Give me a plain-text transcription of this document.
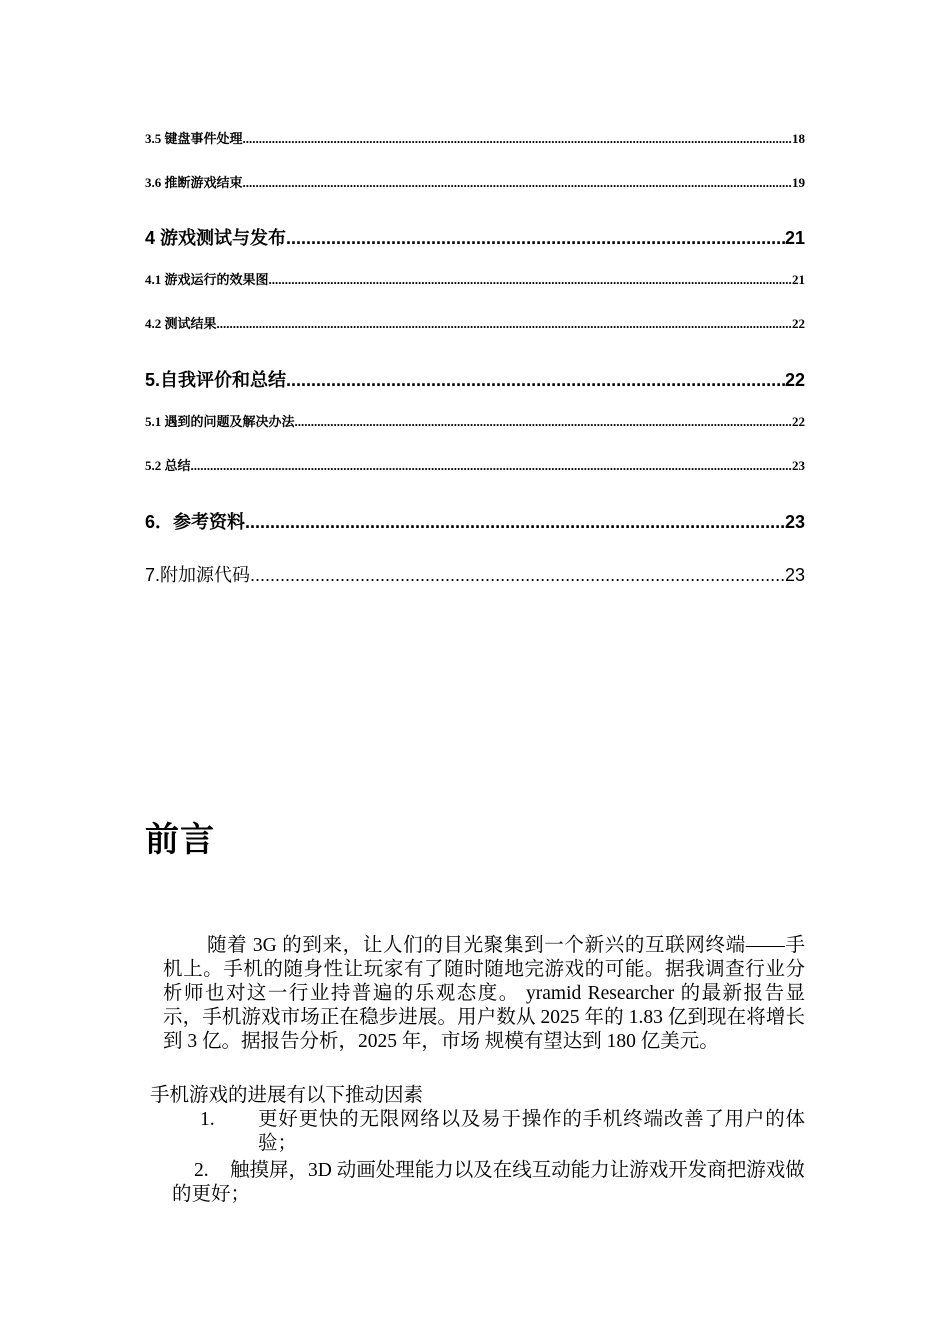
3.5 键盘事件处理 .....	18
3.6 推断游戏结束 .....	19
4 游戏测试与发布 .....	21
4.1 游戏运行的效果图 .....	21
4.2 测试结果 .....	22
5.自我评价和总结 .....	22
5.1 遇到的问题及解决办法 .....	22
5.2 总结 .....	23
6．参考资料 .....	23
7.附加源代码 .....	23
前言
随着 3G 的到来，让人们的目光聚集到一个新兴的互联网终端——手机上。手机的随身性让玩家有了随时随地完游戏的可能。据我调查行业分析师也对这一行业持普遍的乐观态度。 yramid Researcher 的最新报告显示，手机游戏市场正在稳步进展。用户数从 2025 年的 1.83 亿到现在将增长到 3 亿。据报告分析，2025 年，市场 规模有望达到 180 亿美元。
手机游戏的进展有以下推动因素
1.	更好更快的无限网络以及易于操作的手机终端改善了用户的体验；
2. 触摸屏，3D 动画处理能力以及在线互动能力让游戏开发商把游戏做的更好；
